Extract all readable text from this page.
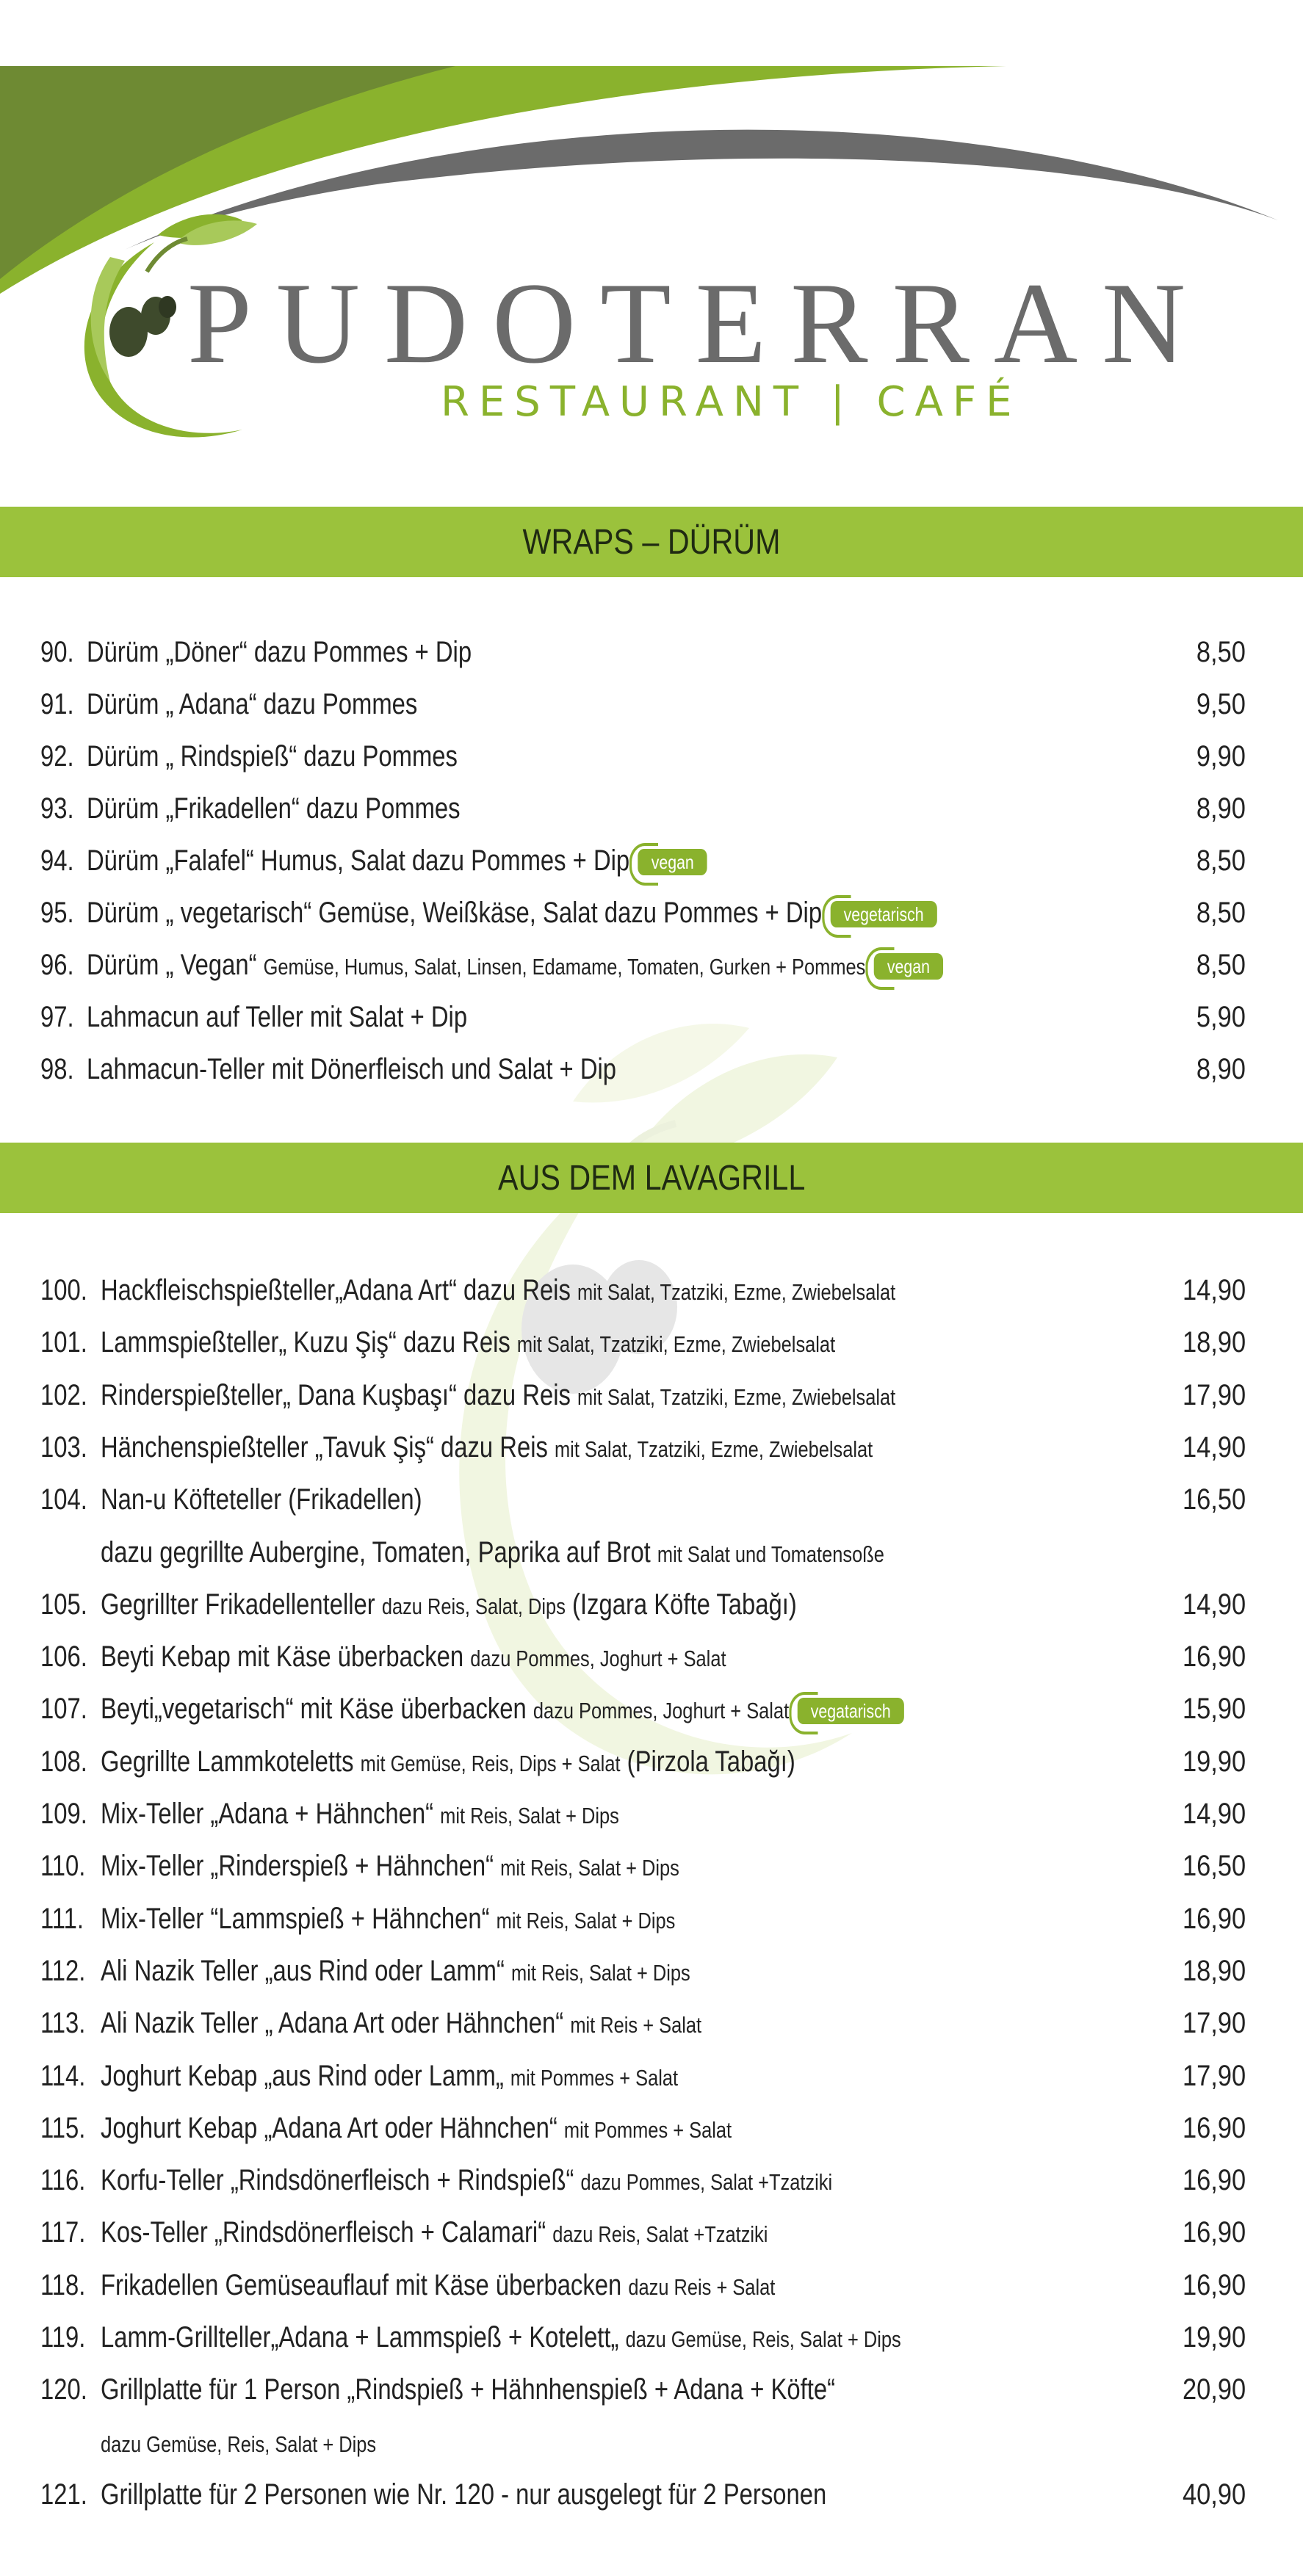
PUDOTERRAN
RESTAURANT | CAFÉ
WRAPS – DÜRÜM
90. Dürüm „Döner“ dazu Pommes + Dip	8,50
91. Dürüm „ Adana“ dazu Pommes	9,50
92. Dürüm „ Rindspieß“ dazu Pommes	9,90
93. Dürüm „Frikadellen“ dazu Pommes	8,90
94. Dürüm „Falafel“ Humus, Salat dazu Pommes + Dip vegan	8,50
95. Dürüm „ vegetarisch“ Gemüse, Weißkäse, Salat dazu Pommes + Dip vegetarisch	8,50
96. Dürüm „ Vegan“ Gemüse, Humus, Salat, Linsen, Edamame, Tomaten, Gurken + Pommes vegan	8,50
97. Lahmacun auf Teller mit Salat + Dip	5,90
98. Lahmacun-Teller mit Dönerfleisch und Salat + Dip	8,90
AUS DEM LAVAGRILL
100. Hackfleischspießteller„Adana Art“ dazu Reis mit Salat, Tzatziki, Ezme, Zwiebelsalat	14,90
101. Lammspießteller„ Kuzu Şiş“ dazu Reis mit Salat, Tzatziki, Ezme, Zwiebelsalat	18,90
102. Rinderspießteller„ Dana Kuşbaşı“ dazu Reis mit Salat, Tzatziki, Ezme, Zwiebelsalat	17,90
103. Hänchenspießteller „Tavuk Şiş“ dazu Reis mit Salat, Tzatziki, Ezme, Zwiebelsalat	14,90
104. Nan-u Köfteteller (Frikadellen)	16,50
dazu gegrillte Aubergine, Tomaten, Paprika auf Brot mit Salat und Tomatensoße
105. Gegrillter Frikadellenteller dazu Reis, Salat, Dips (Izgara Köfte Tabağı)	14,90
106. Beyti Kebap mit Käse überbacken dazu Pommes, Joghurt + Salat	16,90
107. Beyti„vegetarisch“ mit Käse überbacken dazu Pommes, Joghurt + Salat vegatarisch	15,90
108. Gegrillte Lammkoteletts mit Gemüse, Reis, Dips + Salat (Pirzola Tabağı)	19,90
109. Mix-Teller „Adana + Hähnchen“ mit Reis, Salat + Dips	14,90
110. Mix-Teller „Rinderspieß + Hähnchen“ mit Reis, Salat + Dips	16,50
111. Mix-Teller “Lammspieß + Hähnchen“ mit Reis, Salat + Dips	16,90
112. Ali Nazik Teller „aus Rind oder Lamm“ mit Reis, Salat + Dips	18,90
113. Ali Nazik Teller „ Adana Art oder Hähnchen“ mit Reis + Salat	17,90
114. Joghurt Kebap „aus Rind oder Lamm„ mit Pommes + Salat	17,90
115. Joghurt Kebap „Adana Art oder Hähnchen“ mit Pommes + Salat	16,90
116. Korfu-Teller „Rindsdönerfleisch + Rindspieß“ dazu Pommes, Salat +Tzatziki	16,90
117. Kos-Teller „Rindsdönerfleisch + Calamari“ dazu Reis, Salat +Tzatziki	16,90
118. Frikadellen Gemüseauflauf mit Käse überbacken dazu Reis + Salat	16,90
119. Lamm-Grillteller„Adana + Lammspieß + Kotelett„ dazu Gemüse, Reis, Salat + Dips	19,90
120. Grillplatte für 1 Person „Rindspieß + Hähnhenspieß + Adana + Köfte“	20,90
dazu Gemüse, Reis, Salat + Dips
121. Grillplatte für 2 Personen wie Nr. 120 - nur ausgelegt für 2 Personen	40,90
